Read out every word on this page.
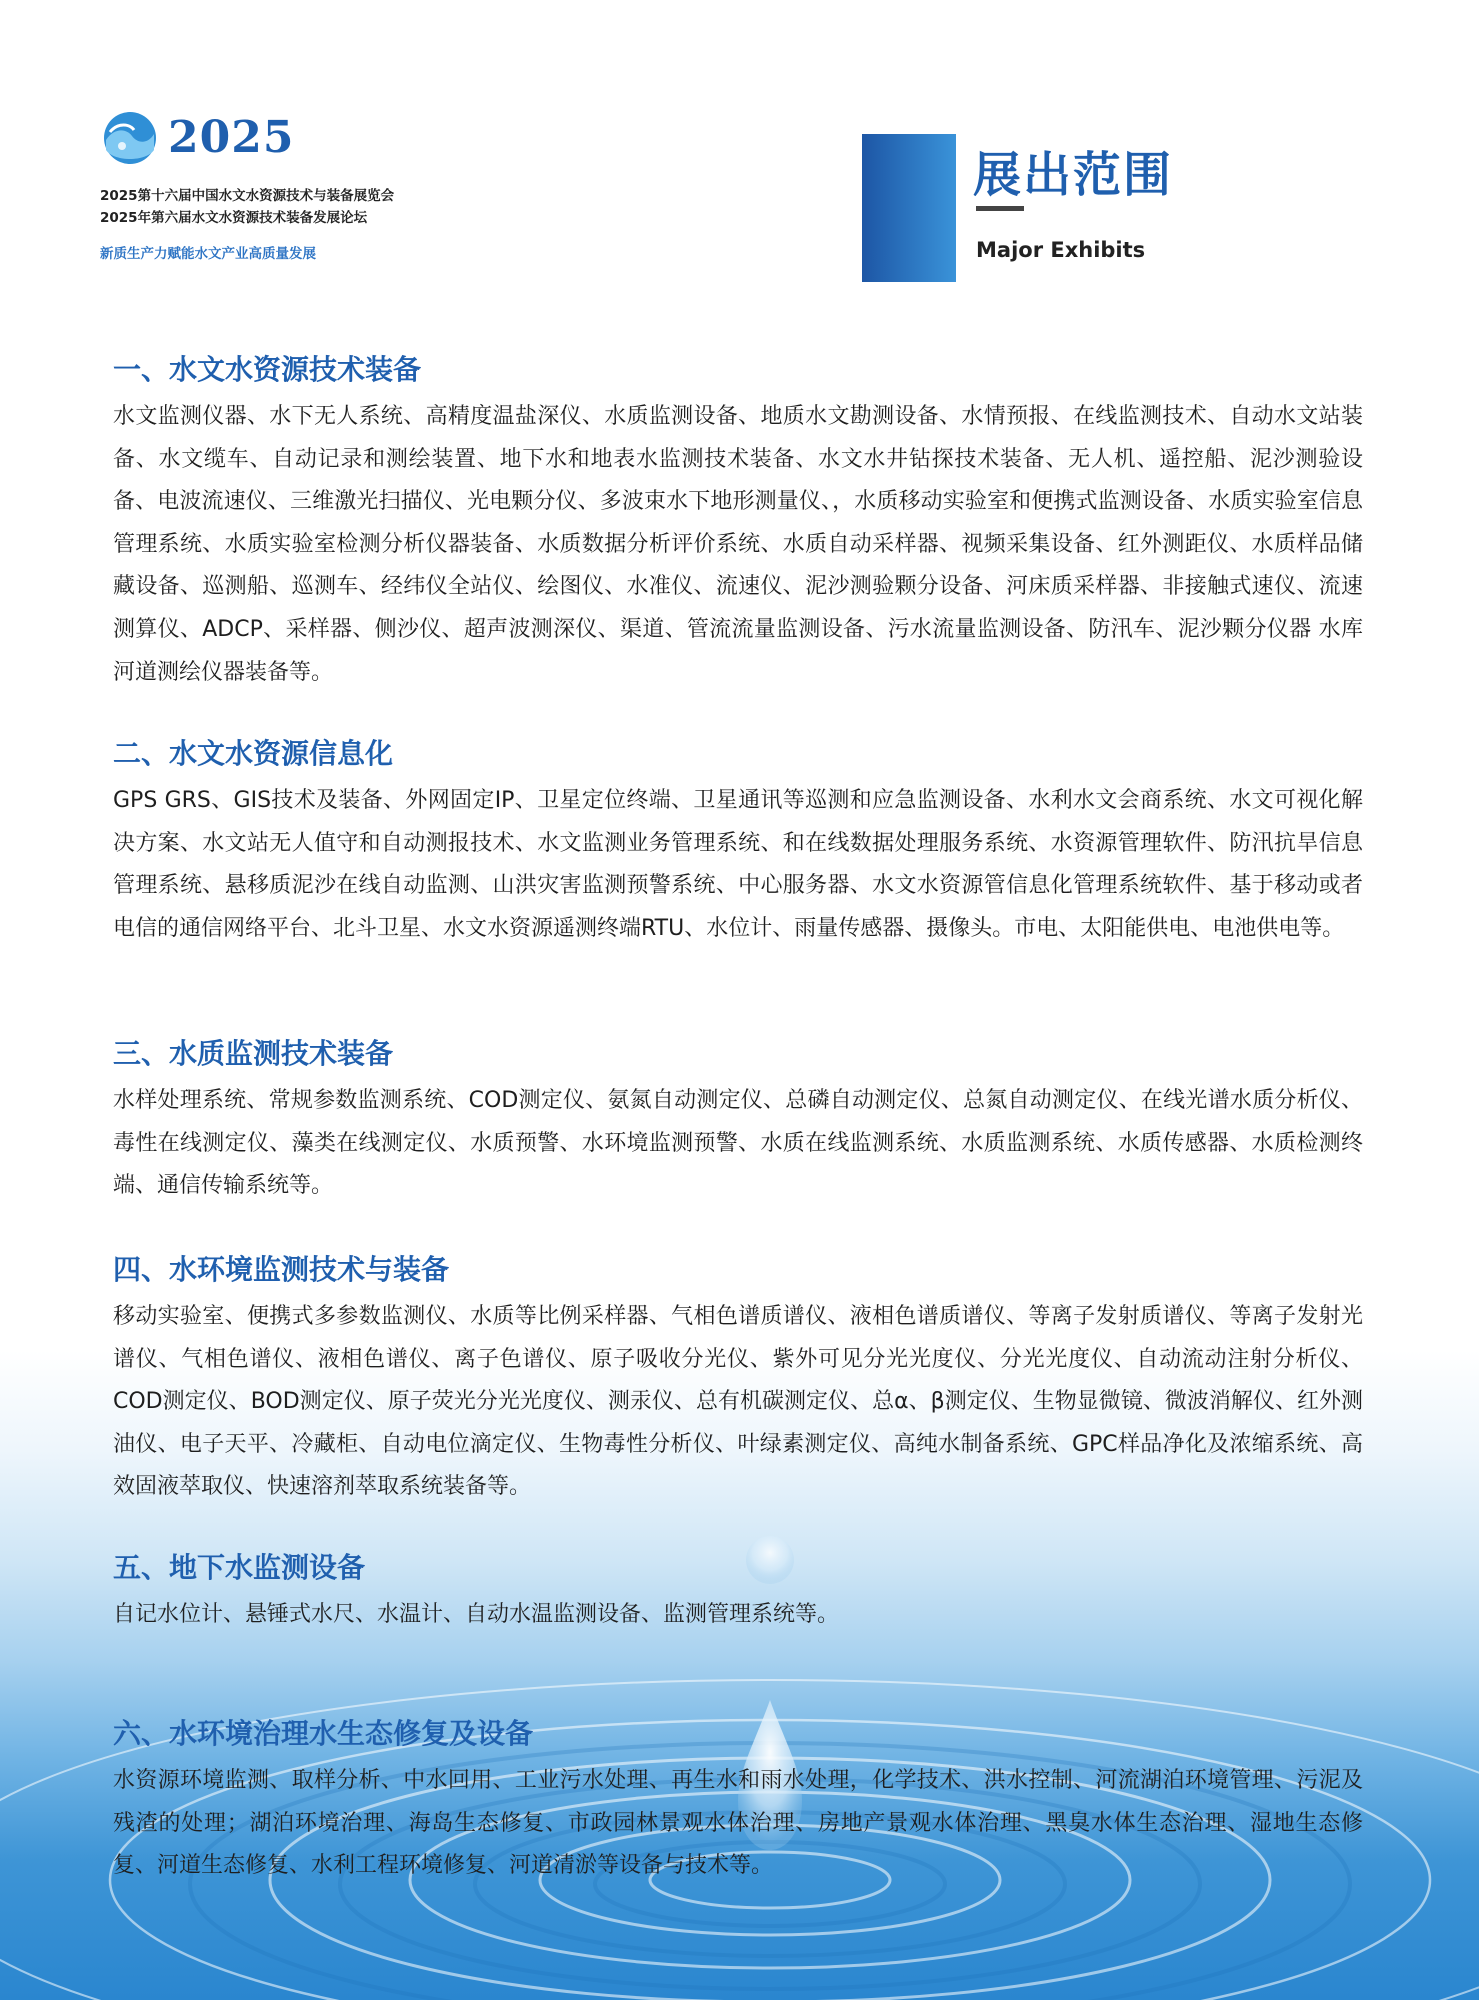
2025
2025第十六届中国水文水资源技术与装备展览会
2025年第六届水文水资源技术装备发展论坛
新质生产力赋能水文产业高质量发展
展出范围
Major Exhibits
一、水文水资源技术装备

水文监测仪器、水下无人系统、高精度温盐深仪、水质监测设备、地质水文勘测设备、水情预报、在线监测技术、自动水文站装备、水文缆车、自动记录和测绘装置、地下水和地表水监测技术装备、水文水井钻探技术装备、无人机、遥控船、泥沙测验设备、电波流速仪、三维激光扫描仪、光电颗分仪、多波束水下地形测量仪、，水质移动实验室和便携式监测设备、水质实验室信息管理系统、水质实验室检测分析仪器装备、水质数据分析评价系统、水质自动采样器、视频采集设备、红外测距仪、水质样品储藏设备、巡测船、巡测车、经纬仪全站仪、绘图仪、水准仪、流速仪、泥沙测验颗分设备、河床质采样器、非接触式速仪、流速测算仪、ADCP、采样器、侧沙仪、超声波测深仪、渠道、管流流量监测设备、污水流量监测设备、防汛车、泥沙颗分仪器 水库河道测绘仪器装备等。

二、水文水资源信息化

GPS GRS、GIS技术及装备、外网固定IP、卫星定位终端、卫星通讯等巡测和应急监测设备、水利水文会商系统、水文可视化解决方案、水文站无人值守和自动测报技术、水文监测业务管理系统、和在线数据处理服务系统、水资源管理软件、防汛抗旱信息管理系统、悬移质泥沙在线自动监测、山洪灾害监测预警系统、中心服务器、水文水资源管信息化管理系统软件、基于移动或者电信的通信网络平台、北斗卫星、水文水资源遥测终端RTU、水位计、雨量传感器、摄像头。市电、太阳能供电、电池供电等。

三、水质监测技术装备

水样处理系统、常规参数监测系统、COD测定仪、氨氮自动测定仪、总磷自动测定仪、总氮自动测定仪、在线光谱水质分析仪、毒性在线测定仪、藻类在线测定仪、水质预警、水环境监测预警、水质在线监测系统、水质监测系统、水质传感器、水质检测终端、通信传输系统等。

四、水环境监测技术与装备

移动实验室、便携式多参数监测仪、水质等比例采样器、气相色谱质谱仪、液相色谱质谱仪、等离子发射质谱仪、等离子发射光谱仪、气相色谱仪、液相色谱仪、离子色谱仪、原子吸收分光仪、紫外可见分光光度仪、分光光度仪、自动流动注射分析仪、COD测定仪、BOD测定仪、原子荧光分光光度仪、测汞仪、总有机碳测定仪、总α、β测定仪、生物显微镜、微波消解仪、红外测油仪、电子天平、冷藏柜、自动电位滴定仪、生物毒性分析仪、叶绿素测定仪、高纯水制备系统、GPC样品净化及浓缩系统、高效固液萃取仪、快速溶剂萃取系统装备等。

五、地下水监测设备

自记水位计、悬锤式水尺、水温计、自动水温监测设备、监测管理系统等。

六、水环境治理水生态修复及设备

水资源环境监测、取样分析、中水回用、工业污水处理、再生水和雨水处理，化学技术、洪水控制、河流湖泊环境管理、污泥及残渣的处理；湖泊环境治理、海岛生态修复、市政园林景观水体治理、房地产景观水体治理、黑臭水体生态治理、湿地生态修复、河道生态修复、水利工程环境修复、河道清淤等设备与技术等。
